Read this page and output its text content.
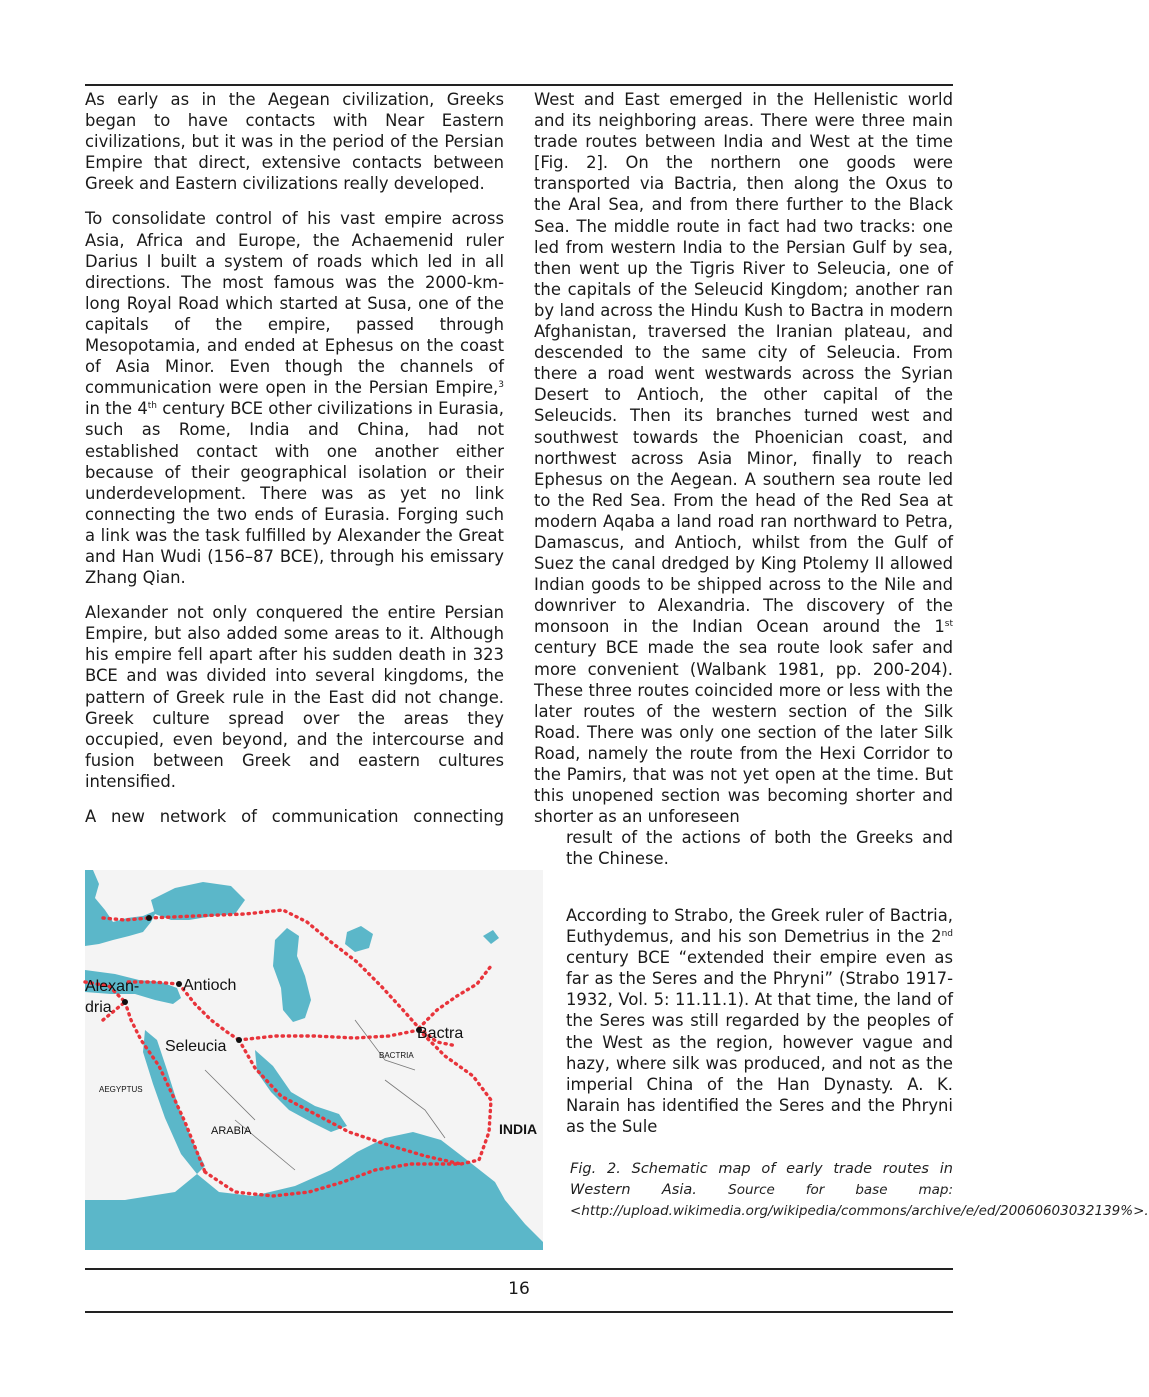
As early as in the Aegean civilization, Greeks began to have contacts with Near Eastern civilizations, but it was in the period of the Persian Empire that direct, extensive contacts between Greek and Eastern civilizations really developed.

To consolidate control of his vast empire across Asia, Africa and Europe, the Achaemenid ruler Darius I built a system of roads which led in all directions. The most famous was the 2000-km-long Royal Road which started at Susa, one of the capitals of the empire, passed through Mesopotamia, and ended at Ephesus on the coast of Asia Minor. Even though the channels of communication were open in the Persian Empire,$^3$ in the 4th century BCE other civilizations in Eurasia, such as Rome, India and China, had not established contact with one another either because of their geographical isolation or their underdevelopment. There was as yet no link connecting the two ends of Eurasia. Forging such a link was the task fulfilled by Alexander the Great and Han Wudi (156–87 BCE), through his emissary Zhang Qian.

Alexander not only conquered the entire Persian Empire, but also added some areas to it. Although his empire fell apart after his sudden death in 323 BCE and was divided into several kingdoms, the pattern of Greek rule in the East did not change. Greek culture spread over the areas they occupied, even beyond, and the intercourse and fusion between Greek and eastern cultures intensified.

A new network of communication connecting

West and East emerged in the Hellenistic world and its neighboring areas. There were three main trade routes between India and West at the time [Fig. 2]. On the northern one goods were transported via Bactria, then along the Oxus to the Aral Sea, and from there further to the Black Sea. The middle route in fact had two tracks: one led from western India to the Persian Gulf by sea, then went up the Tigris River to Seleucia, one of the capitals of the Seleucid Kingdom; another ran by land across the Hindu Kush to Bactra in modern Afghanistan, traversed the Iranian plateau, and descended to the same city of Seleucia. From there a road went westwards across the Syrian Desert to Antioch, the other capital of the Seleucids. Then its branches turned west and southwest towards the Phoenician coast, and northwest across Asia Minor, finally to reach Ephesus on the Aegean. A southern sea route led to the Red Sea. From the head of the Red Sea at modern Aqaba a land road ran northward to Petra, Damascus, and Antioch, whilst from the Gulf of Suez the canal dredged by King Ptolemy II allowed Indian goods to be shipped across to the Nile and downriver to Alexandria. The discovery of the monsoon in the Indian Ocean around the 1st century BCE made the sea route look safer and more convenient (Walbank 1981, pp. 200-204). These three routes coincided more or less with the later routes of the western section of the Silk Road. There was only one section of the later Silk Road, namely the route from the Hexi Corridor to the Pamirs, that was not yet open at the time. But this unopened section was becoming shorter and shorter as an unforeseen
result of the actions of both the Greeks and the Chinese.

According to Strabo, the Greek ruler of Bactria, Euthydemus, and his son Demetrius in the 2nd century BCE “extended their empire even as far as the Seres and the Phryni” (Strabo 1917-1932, Vol. 5: 11.11.1). At that time, the land of the Seres was still regarded by the peoples of the West as the region, however vague and hazy, where silk was produced, and not as the imperial China of the Han Dynasty. A. K. Narain has identified the Seres and the Phryni as the Sule

Alexan-
dria
Antioch
Seleucia
Bactra
BACTRIA
AEGYPTUS
ARABIA	INDIA
Fig. 2. Schematic map of early trade routes in Western Asia. Source for base map: <http://upload.wikimedia.org/wikipedia/commons/archive/e/ed/20060603032139%>.
16
